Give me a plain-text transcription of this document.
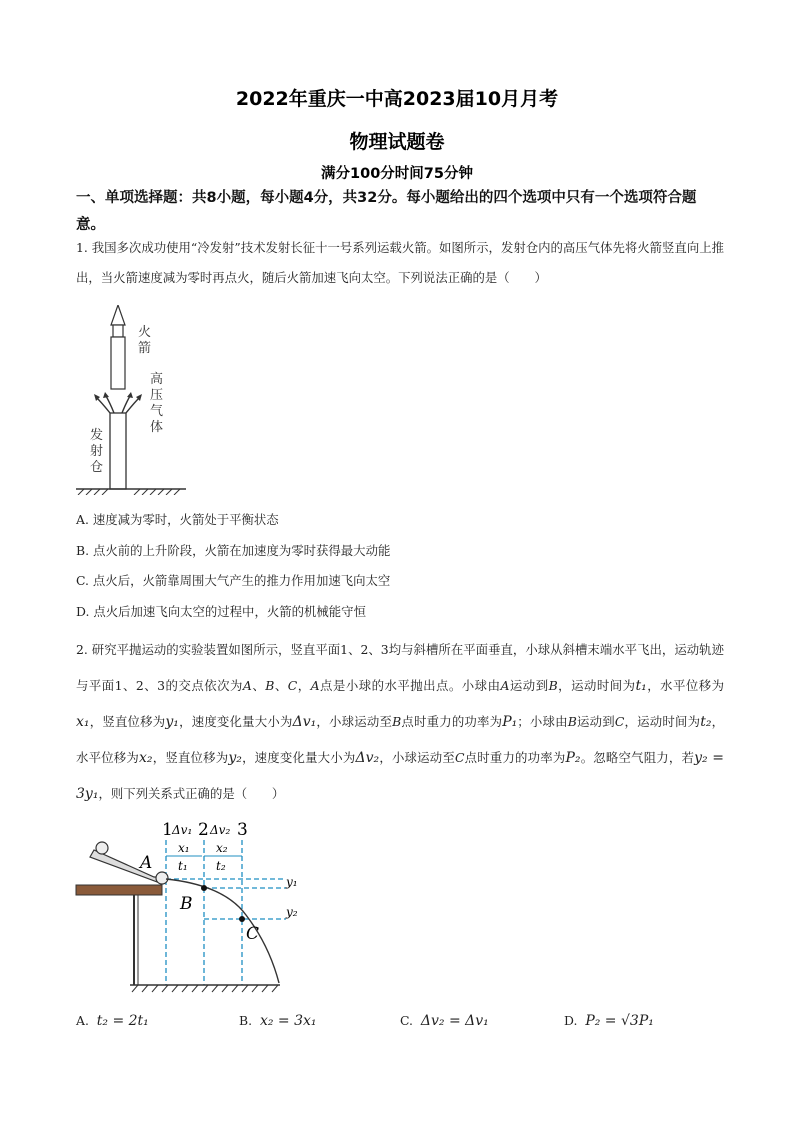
2022年重庆一中高2023届10月月考
物理试题卷
满分100分时间75分钟
一、单项选择题：共8小题，每小题4分，共32分。每小题给出的四个选项中只有一个选项符合题意。
1. 我国多次成功使用“冷发射”技术发射长征十一号系列运载火箭。如图所示，发射仓内的高压气体先将火箭竖直向上推出，当火箭速度减为零时再点火，随后火箭加速飞向太空。下列说法正确的是（　　）
火箭
高压气体
发射仓
A. 速度减为零时，火箭处于平衡状态
B. 点火前的上升阶段，火箭在加速度为零时获得最大动能
C. 点火后，火箭靠周围大气产生的推力作用加速飞向太空
D. 点火后加速飞向太空的过程中，火箭的机械能守恒
2. 研究平抛运动的实验装置如图所示，竖直平面1、2、3均与斜槽所在平面垂直，小球从斜槽末端水平飞出，运动轨迹与平面1、2、3的交点依次为A、B、C，A点是小球的水平抛出点。小球由A运动到B，运动时间为t₁，水平位移为x₁，竖直位移为y₁，速度变化量大小为Δv₁，小球运动至B点时重力的功率为P₁；小球由B运动到C，运动时间为t₂，水平位移为x₂，竖直位移为y₂，速度变化量大小为Δv₂，小球运动至C点时重力的功率为P₂。忽略空气阻力，若y₂ = 3y₁，则下列关系式正确的是（　　）
1 Δv₁ 2 Δv₂ 3
x₁ x₂
t₁ t₂
y₁
y₂
A
B
C
A. t₂ = 2t₁	B. x₂ = 3x₁	C. Δv₂ = Δv₁	D. P₂ = √3P₁
